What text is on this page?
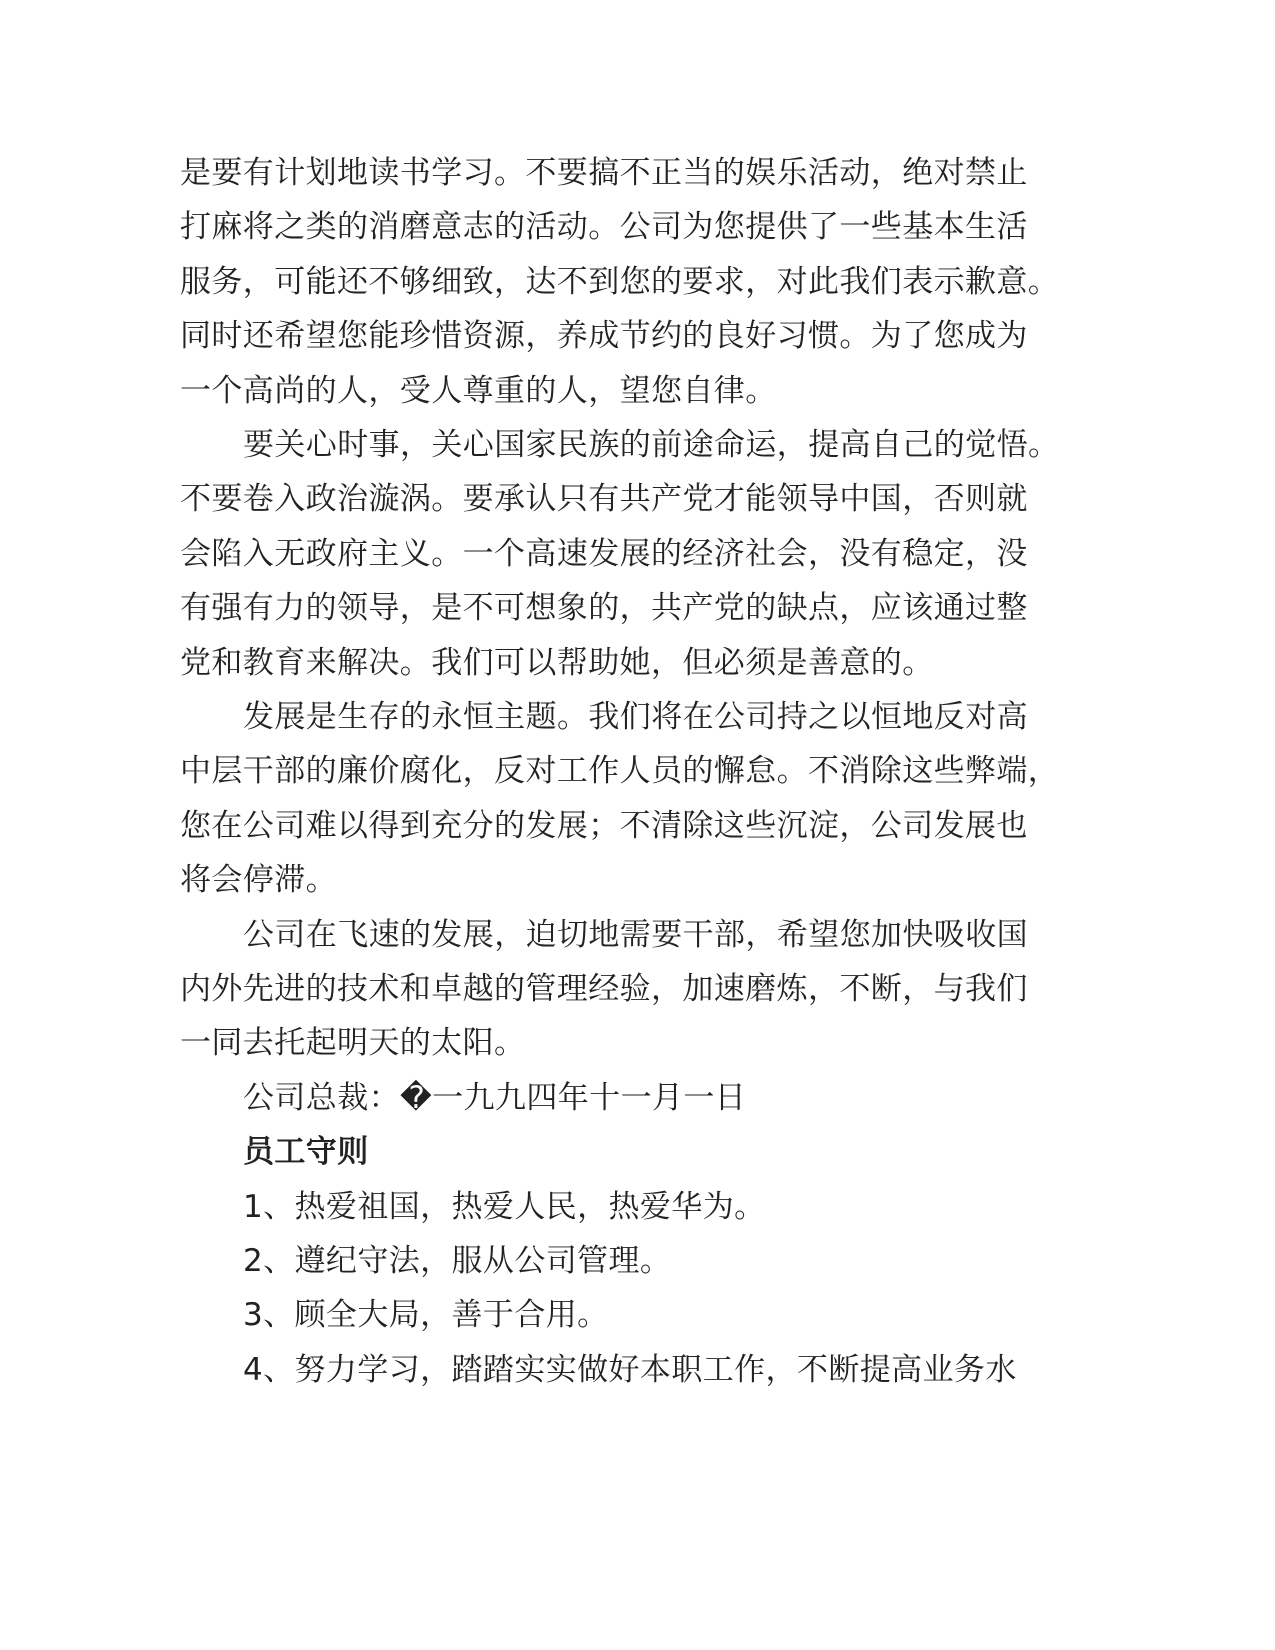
是要有计划地读书学习。不要搞不正当的娱乐活动，绝对禁止
打麻将之类的消磨意志的活动。公司为您提供了一些基本生活
服务，可能还不够细致，达不到您的要求，对此我们表示歉意。
同时还希望您能珍惜资源，养成节约的良好习惯。为了您成为
一个高尚的人，受人尊重的人，望您自律。
要关心时事，关心国家民族的前途命运，提高自己的觉悟。
不要卷入政治漩涡。要承认只有共产党才能领导中国，否则就
会陷入无政府主义。一个高速发展的经济社会，没有稳定，没
有强有力的领导，是不可想象的，共产党的缺点，应该通过整
党和教育来解决。我们可以帮助她，但必须是善意的。
发展是生存的永恒主题。我们将在公司持之以恒地反对高
中层干部的廉价腐化，反对工作人员的懈怠。不消除这些弊端，
您在公司难以得到充分的发展；不清除这些沉淀，公司发展也
将会停滞。
公司在飞速的发展，迫切地需要干部，希望您加快吸收国
内外先进的技术和卓越的管理经验，加速磨炼，不断，与我们
一同去托起明天的太阳。
公司总裁：�一九九四年十一月一日
员工守则
1、热爱祖国，热爱人民，热爱华为。
2、遵纪守法，服从公司管理。
3、顾全大局，善于合用。
4、努力学习，踏踏实实做好本职工作，不断提高业务水
